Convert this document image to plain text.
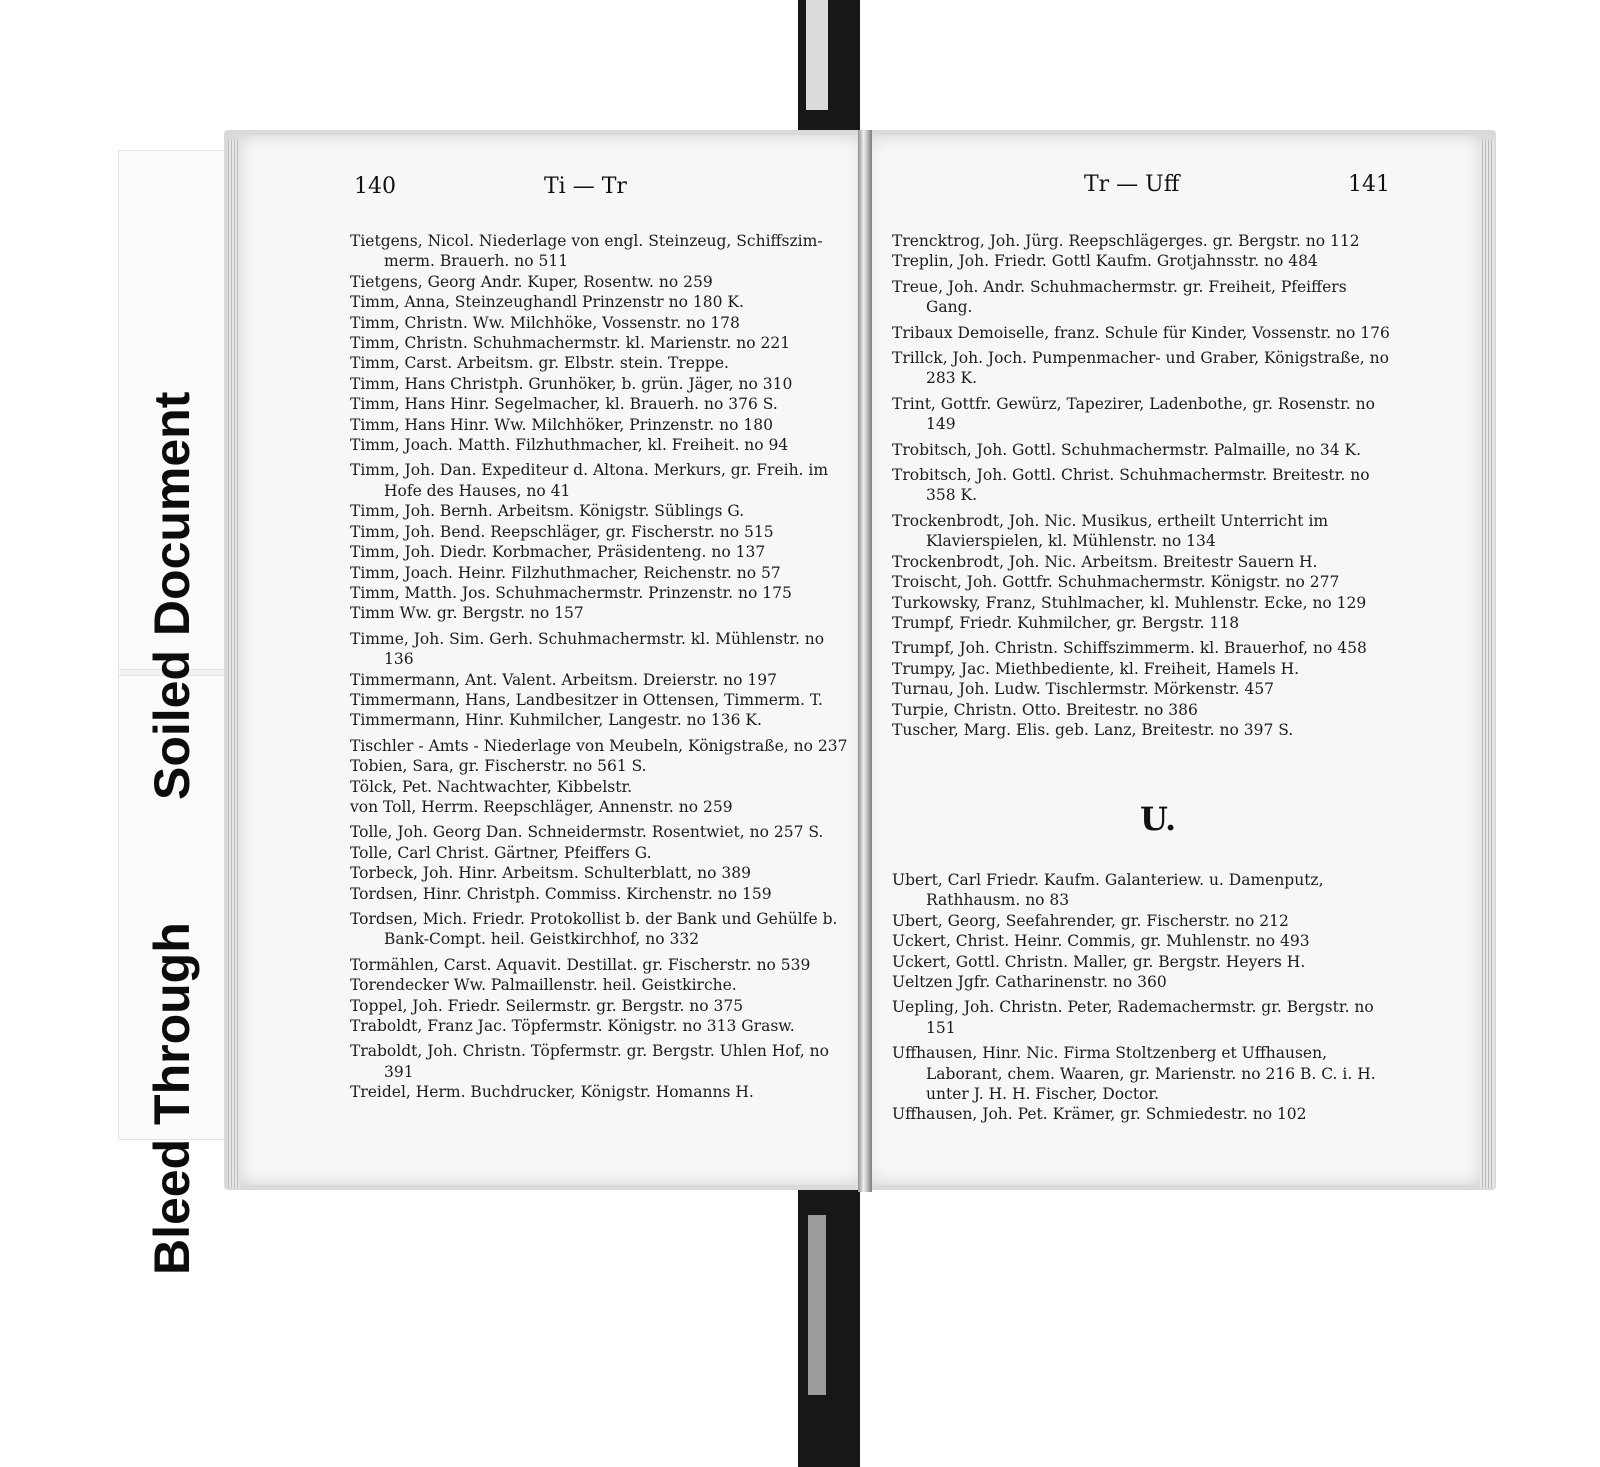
Bleed Through
Soiled Document
140	Ti — Tr	Tr — Uff	141

Tietgens, Nicol. Niederlage von engl. Steinzeug, Schiffszim- merm. Brauerh. no 511

Tietgens, Georg Andr. Kuper, Rosentw. no 259

Timm, Anna, Steinzeughandl Prinzenstr no 180 K.

Timm, Christn. Ww. Milchhöke, Vossenstr. no 178

Timm, Christn. Schuhmachermstr. kl. Marienstr. no 221

Timm, Carst. Arbeitsm. gr. Elbstr. stein. Treppe.

Timm, Hans Christph. Grunhöker, b. grün. Jäger, no 310

Timm, Hans Hinr. Segelmacher, kl. Brauerh. no 376 S.

Timm, Hans Hinr. Ww. Milchhöker, Prinzenstr. no 180

Timm, Joach. Matth. Filzhuthmacher, kl. Freiheit. no 94

Timm, Joh. Dan. Expediteur d. Altona. Merkurs, gr. Freih. im Hofe des Hauses, no 41

Timm, Joh. Bernh. Arbeitsm. Königstr. Süblings G.

Timm, Joh. Bend. Reepschläger, gr. Fischerstr. no 515

Timm, Joh. Diedr. Korbmacher, Präsidenteng. no 137

Timm, Joach. Heinr. Filzhuthmacher, Reichenstr. no 57

Timm, Matth. Jos. Schuhmachermstr. Prinzenstr. no 175

Timm Ww. gr. Bergstr. no 157

Timme, Joh. Sim. Gerh. Schuhmachermstr. kl. Mühlenstr. no 136

Timmermann, Ant. Valent. Arbeitsm. Dreierstr. no 197

Timmermann, Hans, Landbesitzer in Ottensen, Timmerm. T.

Timmermann, Hinr. Kuhmilcher, Langestr. no 136 K.

Tischler - Amts - Niederlage von Meubeln, Königstraße, no 237

Tobien, Sara, gr. Fischerstr. no 561 S.

Tölck, Pet. Nachtwachter, Kibbelstr.

von Toll, Herrm. Reepschläger, Annenstr. no 259

Tolle, Joh. Georg Dan. Schneidermstr. Rosentwiet, no 257 S.

Tolle, Carl Christ. Gärtner, Pfeiffers G.

Torbeck, Joh. Hinr. Arbeitsm. Schulterblatt, no 389

Tordsen, Hinr. Christph. Commiss. Kirchenstr. no 159

Tordsen, Mich. Friedr. Protokollist b. der Bank und Gehülfe b. Bank-Compt. heil. Geistkirchhof, no 332

Tormählen, Carst. Aquavit. Destillat. gr. Fischerstr. no 539

Torendecker Ww. Palmaillenstr. heil. Geistkirche.

Toppel, Joh. Friedr. Seilermstr. gr. Bergstr. no 375

Traboldt, Franz Jac. Töpfermstr. Königstr. no 313 Grasw.

Traboldt, Joh. Christn. Töpfermstr. gr. Bergstr. Uhlen Hof, no 391

Treidel, Herm. Buchdrucker, Königstr. Homanns H.

Trencktrog, Joh. Jürg. Reepschlägerges. gr. Bergstr. no 112

Treplin, Joh. Friedr. Gottl Kaufm. Grotjahnsstr. no 484

Treue, Joh. Andr. Schuhmachermstr. gr. Freiheit, Pfeiffers Gang.

Tribaux Demoiselle, franz. Schule für Kinder, Vossenstr. no 176

Trillck, Joh. Joch. Pumpenmacher- und Graber, Königstraße, no 283 K.

Trint, Gottfr. Gewürz, Tapezirer, Ladenbothe, gr. Rosenstr. no 149

Trobitsch, Joh. Gottl. Schuhmachermstr. Palmaille, no 34 K.

Trobitsch, Joh. Gottl. Christ. Schuhmachermstr. Breitestr. no 358 K.

Trockenbrodt, Joh. Nic. Musikus, ertheilt Unterricht im Klavierspielen, kl. Mühlenstr. no 134

Trockenbrodt, Joh. Nic. Arbeitsm. Breitestr Sauern H.

Troischt, Joh. Gottfr. Schuhmachermstr. Königstr. no 277

Turkowsky, Franz, Stuhlmacher, kl. Muhlenstr. Ecke, no 129

Trumpf, Friedr. Kuhmilcher, gr. Bergstr. 118

Trumpf, Joh. Christn. Schiffszimmerm. kl. Brauerhof, no 458

Trumpy, Jac. Miethbediente, kl. Freiheit, Hamels H.

Turnau, Joh. Ludw. Tischlermstr. Mörkenstr. 457

Turpie, Christn. Otto. Breitestr. no 386

Tuscher, Marg. Elis. geb. Lanz, Breitestr. no 397 S.

U.

Ubert, Carl Friedr. Kaufm. Galanteriew. u. Damenputz, Rathhausm. no 83

Ubert, Georg, Seefahrender, gr. Fischerstr. no 212

Uckert, Christ. Heinr. Commis, gr. Muhlenstr. no 493

Uckert, Gottl. Christn. Maller, gr. Bergstr. Heyers H.

Ueltzen Jgfr. Catharinenstr. no 360

Uepling, Joh. Christn. Peter, Rademachermstr. gr. Bergstr. no 151

Uffhausen, Hinr. Nic. Firma Stoltzenberg et Uffhausen, Laborant, chem. Waaren, gr. Marienstr. no 216 B. C. i. H. unter J. H. H. Fischer, Doctor.

Uffhausen, Joh. Pet. Krämer, gr. Schmiedestr. no 102
